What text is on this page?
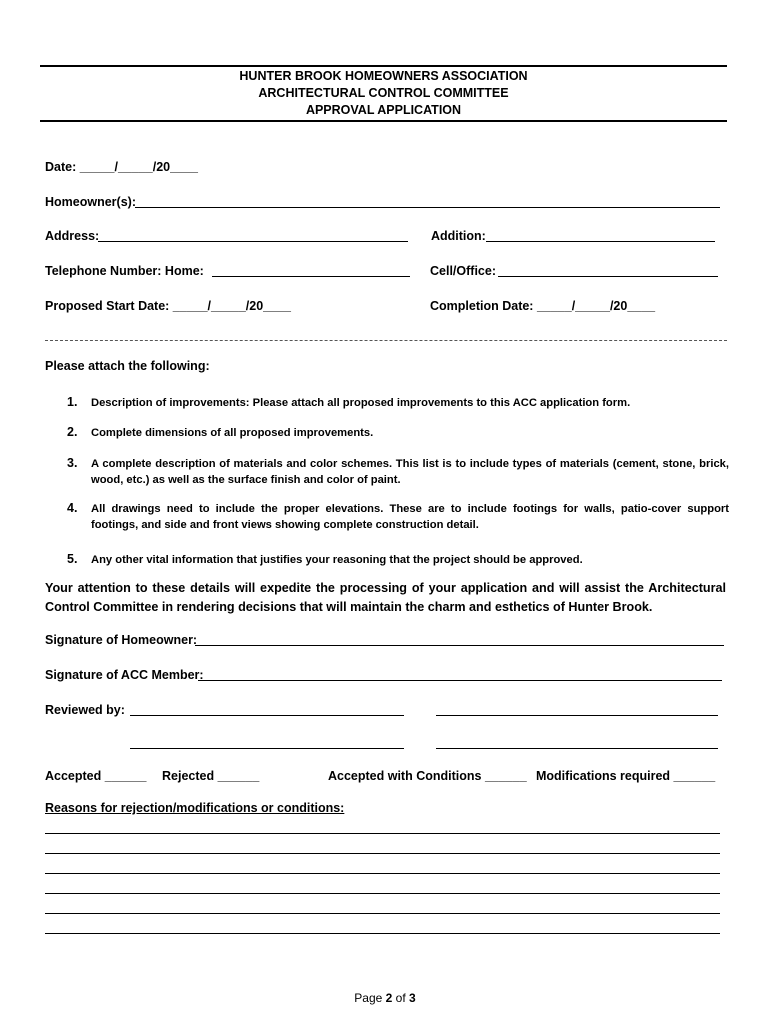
HUNTER BROOK HOMEOWNERS ASSOCIATION
ARCHITECTURAL CONTROL COMMITTEE
APPROVAL APPLICATION
Date: _____/_____/20____
Homeowner(s):
Address:	Addition:
Telephone Number: Home:	Cell/Office:
Proposed Start Date: _____/_____/20____	Completion Date: _____/_____/20____
Please attach the following:
1. Description of improvements: Please attach all proposed improvements to this ACC application form.
2. Complete dimensions of all proposed improvements.
3. A complete description of materials and color schemes. This list is to include types of materials (cement, stone, brick, wood, etc.) as well as the surface finish and color of paint.
4. All drawings need to include the proper elevations. These are to include footings for walls, patio-cover support footings, and side and front views showing complete construction detail.
5. Any other vital information that justifies your reasoning that the project should be approved.
Your attention to these details will expedite the processing of your application and will assist the Architectural Control Committee in rendering decisions that will maintain the charm and esthetics of Hunter Brook.
Signature of Homeowner:
Signature of ACC Member:
Reviewed by:
Accepted ______ Rejected ______	Accepted with Conditions ______ Modifications required ______
Reasons for rejection/modifications or conditions:
Page 2 of 3
